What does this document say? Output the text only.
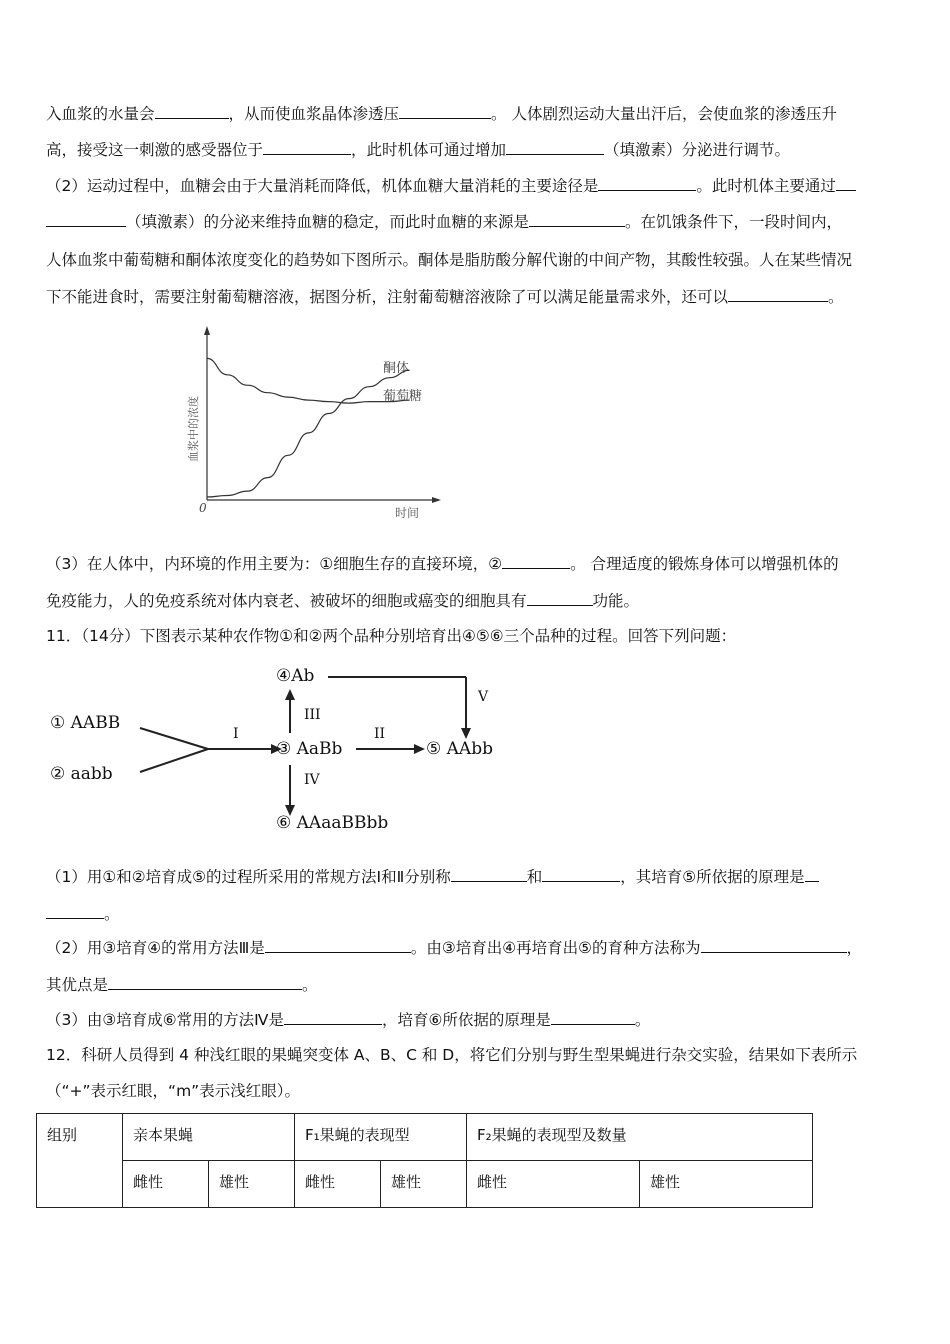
入血浆的水量会	，从而使血浆晶体渗透压	。 人体剧烈运动大量出汗后，会使血浆的渗透压升
高，接受这一刺激的感受器位于	，此时机体可通过增加	（填激素）分泌进行调节。
（2）运动过程中，血糖会由于大量消耗而降低，机体血糖大量消耗的主要途径是	。此时机体主要通过
（填激素）的分泌来维持血糖的稳定，而此时血糖的来源是	。在饥饿条件下，一段时间内，
人体血浆中葡萄糖和酮体浓度变化的趋势如下图所示。酮体是脂肪酸分解代谢的中间产物，其酸性较强。人在某些情况
下不能进食时，需要注射葡萄糖溶液，据图分析，注射葡萄糖溶液除了可以满足能量需求外，还可以	。
酮体
葡萄糖
血浆中的浓度
时间
0
（3）在人体中，内环境的作用主要为：①细胞生存的直接环境，②	。 合理适度的锻炼身体可以增强机体的
免疫能力，人的免疫系统对体内衰老、被破坏的细胞或癌变的细胞具有	功能。
11．（14分）下图表示某种农作物①和②两个品种分别培育出④⑤⑥三个品种的过程。回答下列问题：
① AABB
② aabb
③ AaBb
④Ab
⑤ AAbb
⑥ AAaaBBbb
I	II
III
IV
V
（1）用①和②培育成⑤的过程所采用的常规方法Ⅰ和Ⅱ分别称	和	，其培育⑤所依据的原理是
。
（2）用③培育④的常用方法Ⅲ是	。由③培育出④再培育出⑤的育种方法称为	，
其优点是	。
（3）由③培育成⑥常用的方法Ⅳ是	，培育⑥所依据的原理是	。
12．科研人员得到 4 种浅红眼的果蝇突变体 A、B、C 和 D，将它们分别与野生型果蝇进行杂交实验，结果如下表所示
（“+”表示红眼，“m”表示浅红眼）。
组别	亲本果蝇		F₁果蝇的表现型		F₂果蝇的表现型及数量	
	雌性	雄性	雌性	雄性	雌性	雄性
